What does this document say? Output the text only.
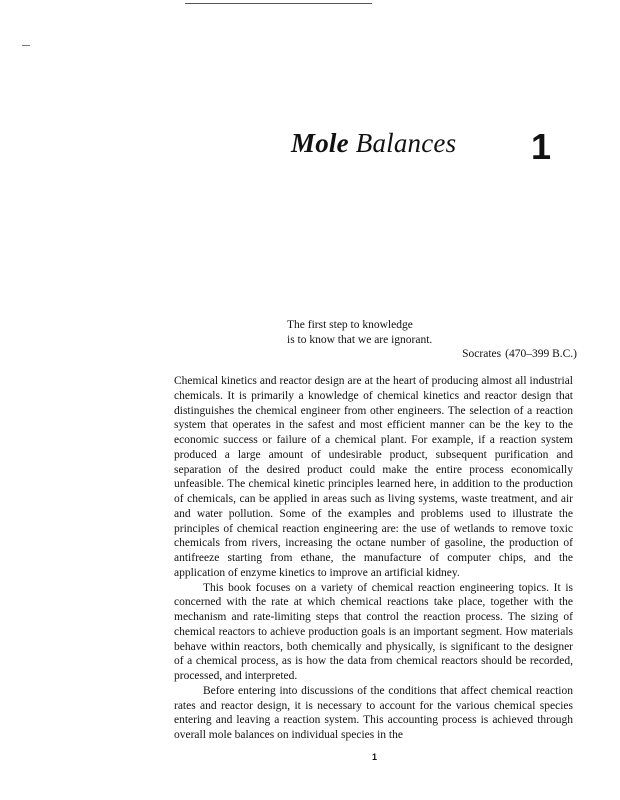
Mole Balances 1
The first step to knowledge
is to know that we are ignorant.
Socrates (470–399 B.C.)

Chemical kinetics and reactor design are at the heart of producing almost all industrial chemicals. It is primarily a knowledge of chemical kinetics and reactor design that distinguishes the chemical engineer from other engineers. The selection of a reaction system that operates in the safest and most efficient manner can be the key to the economic success or failure of a chemical plant. For example, if a reaction system produced a large amount of undesirable product, subsequent purification and separation of the desired product could make the entire process economically unfeasible. The chemical kinetic principles learned here, in addition to the production of chemicals, can be applied in areas such as living systems, waste treatment, and air and water pollution. Some of the examples and problems used to illustrate the principles of chemical reaction engineering are: the use of wetlands to remove toxic chemicals from rivers, increasing the octane number of gasoline, the production of antifreeze starting from ethane, the manufacture of computer chips, and the application of enzyme kinetics to improve an artificial kidney.

This book focuses on a variety of chemical reaction engineering topics. It is concerned with the rate at which chemical reactions take place, together with the mechanism and rate-limiting steps that control the reaction process. The sizing of chemical reactors to achieve production goals is an important segment. How materials behave within reactors, both chemically and physically, is significant to the designer of a chemical process, as is how the data from chemical reactors should be recorded, processed, and interpreted.

Before entering into discussions of the conditions that affect chemical reaction rates and reactor design, it is necessary to account for the various chemical species entering and leaving a reaction system. This accounting process is achieved through overall mole balances on individual species in the

1
